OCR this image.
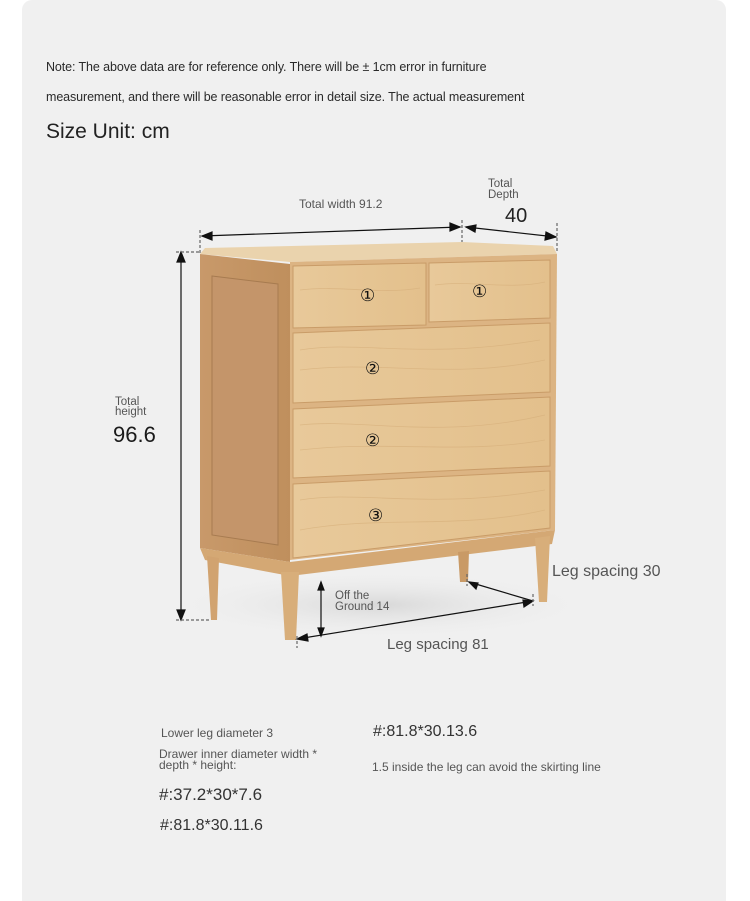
Note: The above data are for reference only. There will be ± 1cm error in furniture
measurement, and there will be reasonable error in detail size. The actual measurement
Size Unit: cm
①	①
②
②
③
Total width 91.2
Total
Depth
40
Total
height
96.6
Off the
Ground 14
Leg spacing 30
Leg spacing 81
Lower leg diameter 3
Drawer inner diameter width *
depth * height:
#:37.2*30*7.6
#:81.8*30.11.6
#:81.8*30.13.6
1.5 inside the leg can avoid the skirting line
